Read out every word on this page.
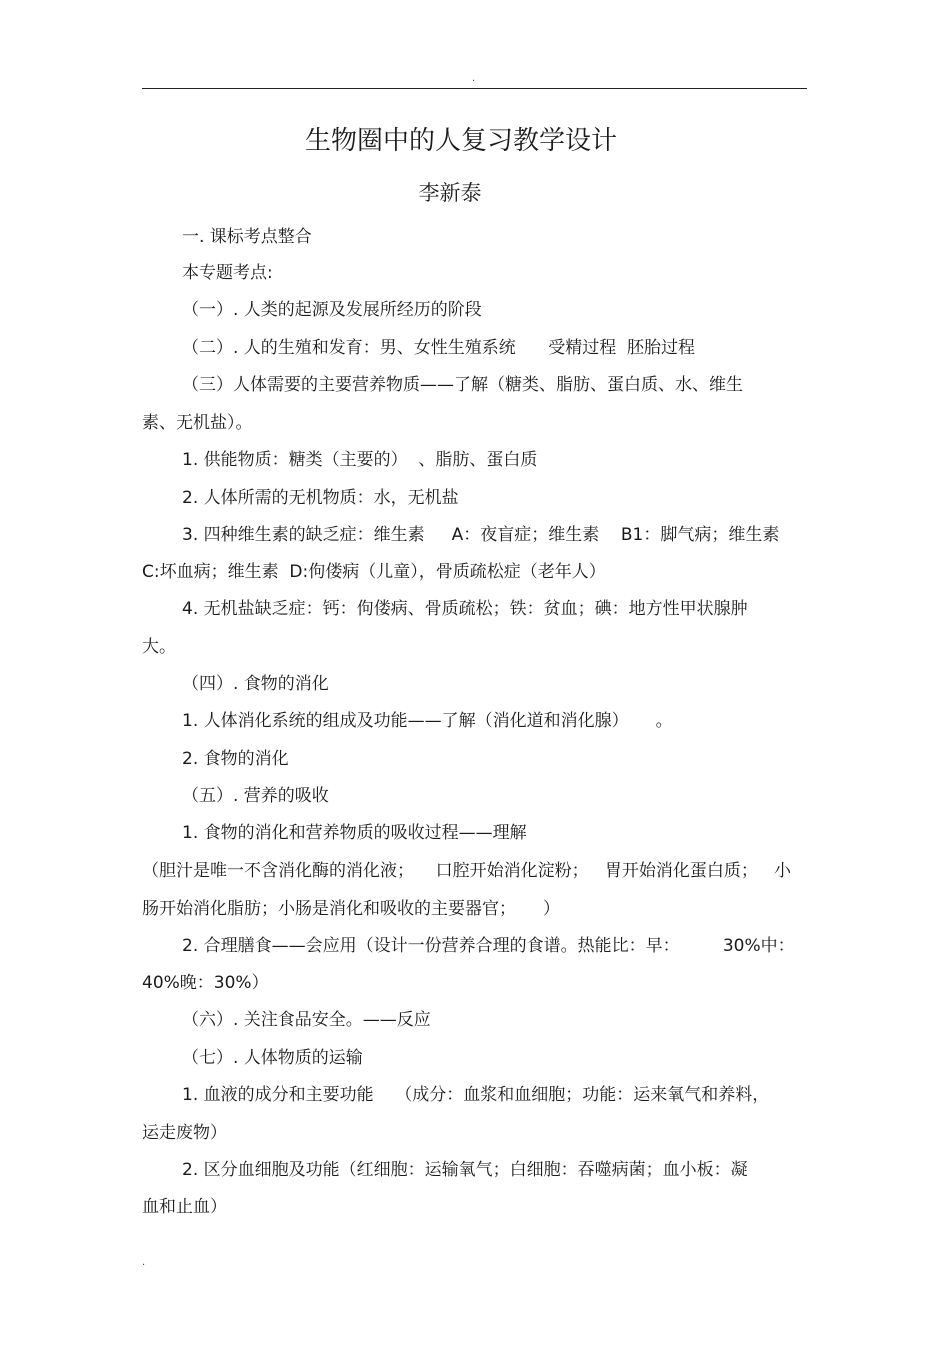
.
生物圈中的人复习教学设计
李新泰
一. 课标考点整合
本专题考点:
（一）. 人类的起源及发展所经历的阶段
（二）. 人的生殖和发育：男、女性生殖系统      受精过程  胚胎过程
（三）人体需要的主要营养物质——了解（糖类、脂肪、蛋白质、水、维生
素、无机盐）。
1. 供能物质：糖类（主要的）  、脂肪、蛋白质
2. 人体所需的无机物质：水，无机盐
3. 四种维生素的缺乏症：维生素     A：夜盲症；维生素    B1：脚气病；维生素
C:坏血病；维生素  D:佝偻病（儿童），骨质疏松症（老年人）
4. 无机盐缺乏症：钙：佝偻病、骨质疏松；铁：贫血；碘：地方性甲状腺肿
大。
（四）. 食物的消化
1. 人体消化系统的组成及功能——了解（消化道和消化腺）     。
2. 食物的消化
（五）. 营养的吸收
1. 食物的消化和营养物质的吸收过程——理解
（胆汁是唯一不含消化酶的消化液；    口腔开始消化淀粉；   胃开始消化蛋白质；   小
肠开始消化脂肪；小肠是消化和吸收的主要器官；     ）
2. 合理膳食——会应用（设计一份营养合理的食谱。热能比：早：        30%中：
40%晚：30%）
（六）. 关注食品安全。——反应
（七）. 人体物质的运输
1. 血液的成分和主要功能    （成分：血浆和血细胞；功能：运来氧气和养料，
运走废物）
2. 区分血细胞及功能（红细胞：运输氧气；白细胞：吞噬病菌；血小板：凝
血和止血）
.
